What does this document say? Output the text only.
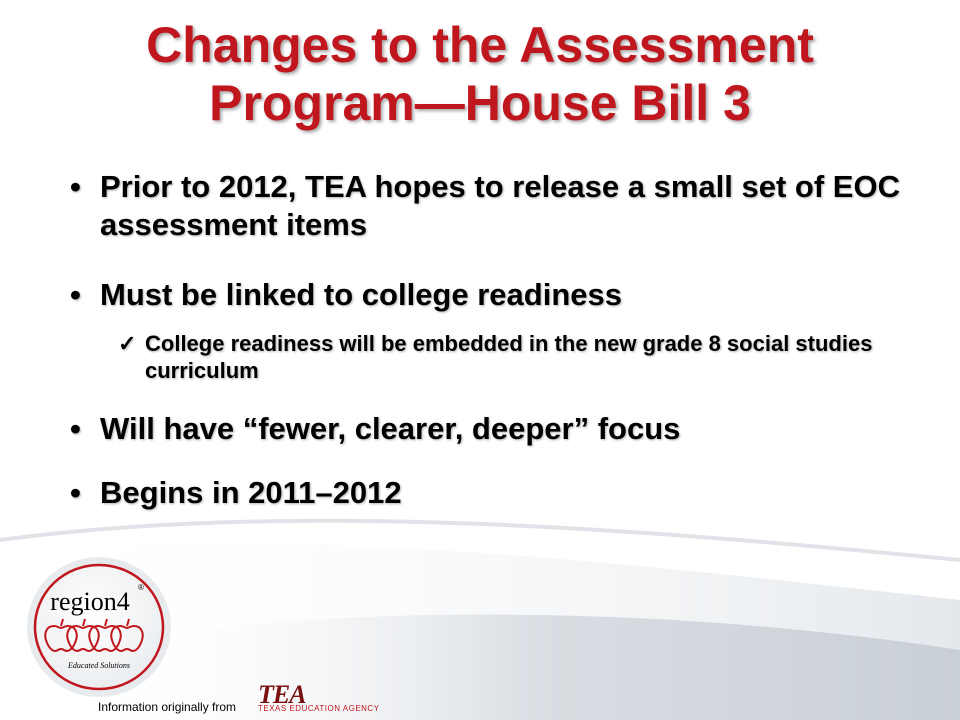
Changes to the Assessment
Program—House Bill 3

• Prior to 2012, TEA hopes to release a small set of EOC assessment items

• Must be linked to college readiness

✓ College readiness will be embedded in the new grade 8 social studies curriculum

• Will have “fewer, clearer, deeper” focus

• Begins in 2011–2012

region4 ®
Educated Solutions
Information originally from TEA
TEXAS EDUCATION AGENCY
